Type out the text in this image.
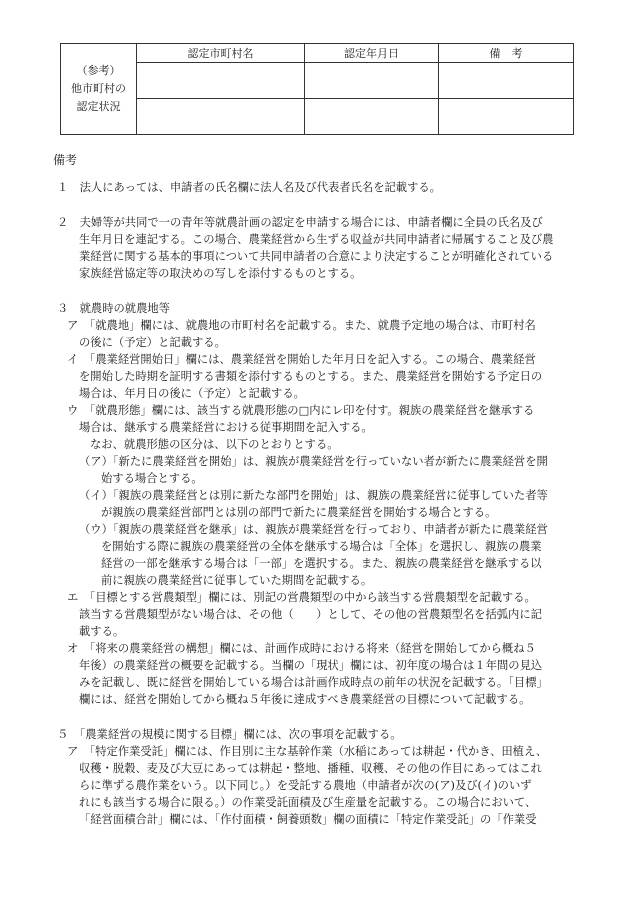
（参考）
他市町村の
認定状況	認定市町村名	認定年月日	備　考

備考
１　法人にあっては、申請者の氏名欄に法人名及び代表者氏名を記載する。
２　夫婦等が共同で一の青年等就農計画の認定を申請する場合には、申請者欄に全員の氏名及び
生年月日を連記する。この場合、農業経営から生ずる収益が共同申請者に帰属すること及び農
業経営に関する基本的事項について共同申請者の合意により決定することが明確化されている
家族経営協定等の取決めの写しを添付するものとする。
３　就農時の就農地等
ア　「就農地」欄には、就農地の市町村名を記載する。また、就農予定地の場合は、市町村名
の後に（予定）と記載する。
イ　「農業経営開始日」欄には、農業経営を開始した年月日を記入する。この場合、農業経営
を開始した時期を証明する書類を添付するものとする。また、農業経営を開始する予定日の
場合は、年月日の後に（予定）と記載する。
ウ　「就農形態」欄には、該当する就農形態の□内にレ印を付す。親族の農業経営を継承する
場合は、継承する農業経営における従事期間を記入する。
なお、就農形態の区分は、以下のとおりとする。
（ア）「新たに農業経営を開始」は、親族が農業経営を行っていない者が新たに農業経営を開
始する場合とする。
（イ）「親族の農業経営とは別に新たな部門を開始」は、親族の農業経営に従事していた者等
が親族の農業経営部門とは別の部門で新たに農業経営を開始する場合とする。
（ウ）「親族の農業経営を継承」は、親族が農業経営を行っており、申請者が新たに農業経営
を開始する際に親族の農業経営の全体を継承する場合は「全体」を選択し、親族の農業
経営の一部を継承する場合は「一部」を選択する。また、親族の農業経営を継承する以
前に親族の農業経営に従事していた期間を記載する。
エ　「目標とする営農類型」欄には、別記の営農類型の中から該当する営農類型を記載する。
該当する営農類型がない場合は、その他（　　）として、その他の営農類型名を括弧内に記
載する。
オ　「将来の農業経営の構想」欄には、計画作成時における将来（経営を開始してから概ね５
年後）の農業経営の概要を記載する。当欄の「現状」欄には、初年度の場合は１年間の見込
みを記載し、既に経営を開始している場合は計画作成時点の前年の状況を記載する。「目標」
欄には、経営を開始してから概ね５年後に達成すべき農業経営の目標について記載する。
５　「農業経営の規模に関する目標」欄には、次の事項を記載する。
ア　「特定作業受託」欄には、作目別に主な基幹作業（水稲にあっては耕起・代かき、田植え、
収穫・脱穀、麦及び大豆にあっては耕起・整地、播種、収穫、その他の作目にあってはこれ
らに準ずる農作業をいう。以下同じ。）を受託する農地（申請者が次の(ア)及び(イ)のいず
れにも該当する場合に限る。）の作業受託面積及び生産量を記載する。この場合において、
「経営面積合計」欄には、「作付面積・飼養頭数」欄の面積に「特定作業受託」の「作業受
